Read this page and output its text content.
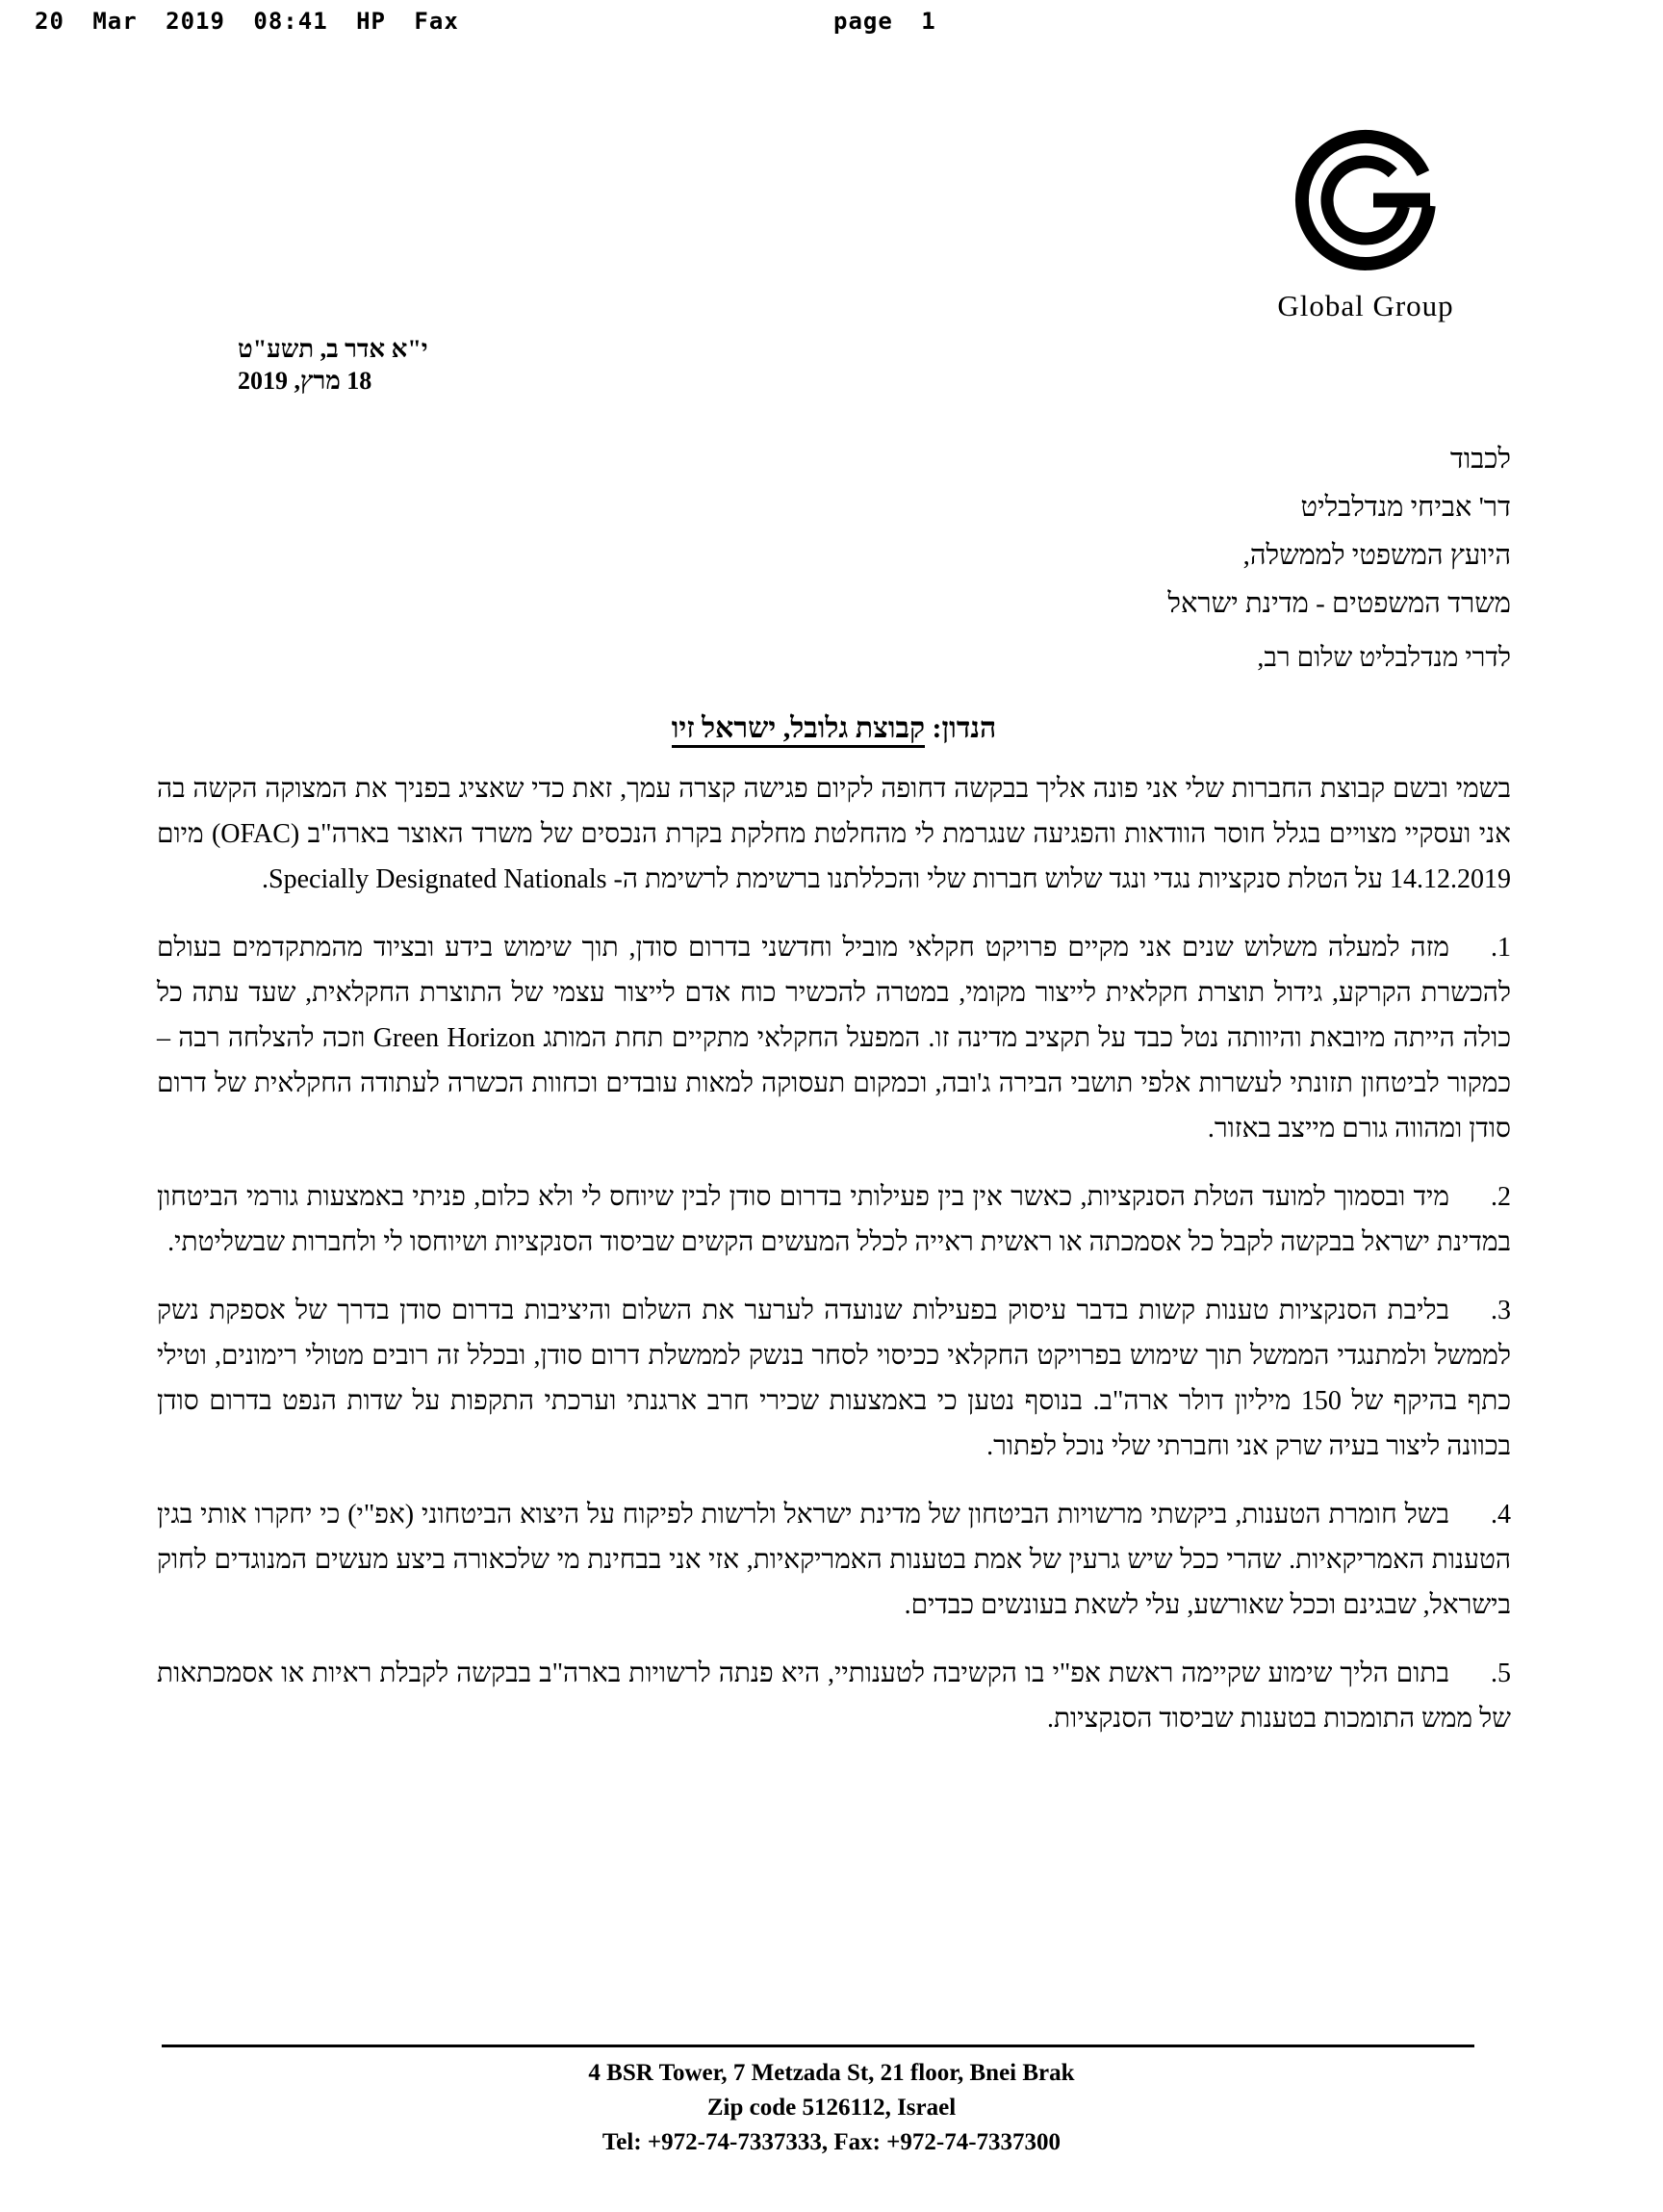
20 Mar 2019 08:41 HP Fax	page 1
Global Group
י"א אדר ב, תשע"ט
18 מרץ, 2019
לכבוד
דר' אביחי מנדלבליט
היועץ המשפטי לממשלה,
משרד המשפטים - מדינת ישראל
לדרי מנדלבליט שלום רב,
הנדון: קבוצת גלובל, ישראל זיו
בשמי ובשם קבוצת החברות שלי אני פונה אליך בבקשה דחופה לקיום פגישה קצרה עמך, זאת כדי שאציג בפניך את המצוקה הקשה בה אני ועסקיי מצויים בגלל חוסר הוודאות והפגיעה שנגרמת לי מהחלטת מחלקת בקרת הנכסים של משרד האוצר בארה"ב (OFAC) מיום 14.12.2019 על הטלת סנקציות נגדי ונגד שלוש חברות שלי והכללתנו ברשימת לרשימת ה- Specially Designated Nationals.
1.
מזה למעלה משלוש שנים אני מקיים פרויקט חקלאי מוביל וחדשני בדרום סודן, תוך שימוש בידע ובציוד מהמתקדמים בעולם להכשרת הקרקע, גידול תוצרת חקלאית לייצור מקומי, במטרה להכשיר כוח אדם לייצור עצמי של התוצרת החקלאית, שעד עתה כל כולה הייתה מיובאת והיוותה נטל כבד על תקציב מדינה זו. המפעל החקלאי מתקיים תחת המותג Green Horizon וזכה להצלחה רבה – כמקור לביטחון תזונתי לעשרות אלפי תושבי הבירה ג'ובה, וכמקום תעסוקה למאות עובדים וכחוות הכשרה לעתודה החקלאית של דרום סודן ומהווה גורם מייצב באזור.
2.
מיד ובסמוך למועד הטלת הסנקציות, כאשר אין בין פעילותי בדרום סודן לבין שיוחס לי ולא כלום, פניתי באמצעות גורמי הביטחון במדינת ישראל בבקשה לקבל כל אסמכתה או ראשית ראייה לכלל המעשים הקשים שביסוד הסנקציות ושיוחסו לי ולחברות שבשליטתי.
3.
בליבת הסנקציות טענות קשות בדבר עיסוק בפעילות שנועדה לערער את השלום והיציבות בדרום סודן בדרך של אספקת נשק לממשל ולמתנגדי הממשל תוך שימוש בפרויקט החקלאי ככיסוי לסחר בנשק לממשלת דרום סודן, ובכלל זה רובים מטולי רימונים, וטילי כתף בהיקף של 150 מיליון דולר ארה"ב. בנוסף נטען כי באמצעות שכירי חרב ארגנתי וערכתי התקפות על שדות הנפט בדרום סודן בכוונה ליצור בעיה שרק אני וחברתי שלי נוכל לפתור.
4.
בשל חומרת הטענות, ביקשתי מרשויות הביטחון של מדינת ישראל ולרשות לפיקוח על היצוא הביטחוני (אפ"י) כי יחקרו אותי בגין הטענות האמריקאיות. שהרי ככל שיש גרעין של אמת בטענות האמריקאיות, אזי אני בבחינת מי שלכאורה ביצע מעשים המנוגדים לחוק בישראל, שבגינם וככל שאורשע, עלי לשאת בעונשים כבדים.
5.
בתום הליך שימוע שקיימה ראשת אפ"י בו הקשיבה לטענותיי, היא פנתה לרשויות בארה"ב בבקשה לקבלת ראיות או אסמכתאות של ממש התומכות בטענות שביסוד הסנקציות.
4 BSR Tower, 7 Metzada St, 21 floor, Bnei Brak
Zip code 5126112, Israel
Tel: +972-74-7337333, Fax: +972-74-7337300
